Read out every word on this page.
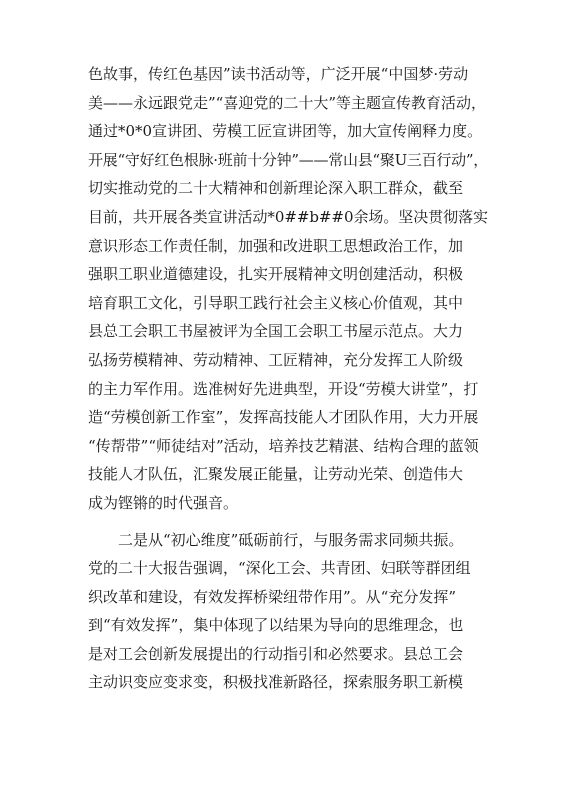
色故事，传红色基因”读书活动等，广泛开展“中国梦·劳动
美——永远跟党走”“喜迎党的二十大”等主题宣传教育活动，
通过*0*0宣讲团、劳模工匠宣讲团等，加大宣传阐释力度。
开展“守好红色根脉·班前十分钟”——常山县“聚U三百行动”，
切实推动党的二十大精神和创新理论深入职工群众，截至
目前，共开展各类宣讲活动*0##b##0余场。坚决贯彻落实
意识形态工作责任制，加强和改进职工思想政治工作，加
强职工职业道德建设，扎实开展精神文明创建活动，积极
培育职工文化，引导职工践行社会主义核心价值观，其中
县总工会职工书屋被评为全国工会职工书屋示范点。大力
弘扬劳模精神、劳动精神、工匠精神，充分发挥工人阶级
的主力军作用。选准树好先进典型，开设“劳模大讲堂”，打
造“劳模创新工作室”，发挥高技能人才团队作用，大力开展
“传帮带”“师徒结对”活动，培养技艺精湛、结构合理的蓝领
技能人才队伍，汇聚发展正能量，让劳动光荣、创造伟大
成为铿锵的时代强音。
二是从“初心维度”砥砺前行，与服务需求同频共振。
党的二十大报告强调，“深化工会、共青团、妇联等群团组
织改革和建设，有效发挥桥梁纽带作用”。从“充分发挥”
到“有效发挥”，集中体现了以结果为导向的思维理念，也
是对工会创新发展提出的行动指引和必然要求。县总工会
主动识变应变求变，积极找准新路径，探索服务职工新模
